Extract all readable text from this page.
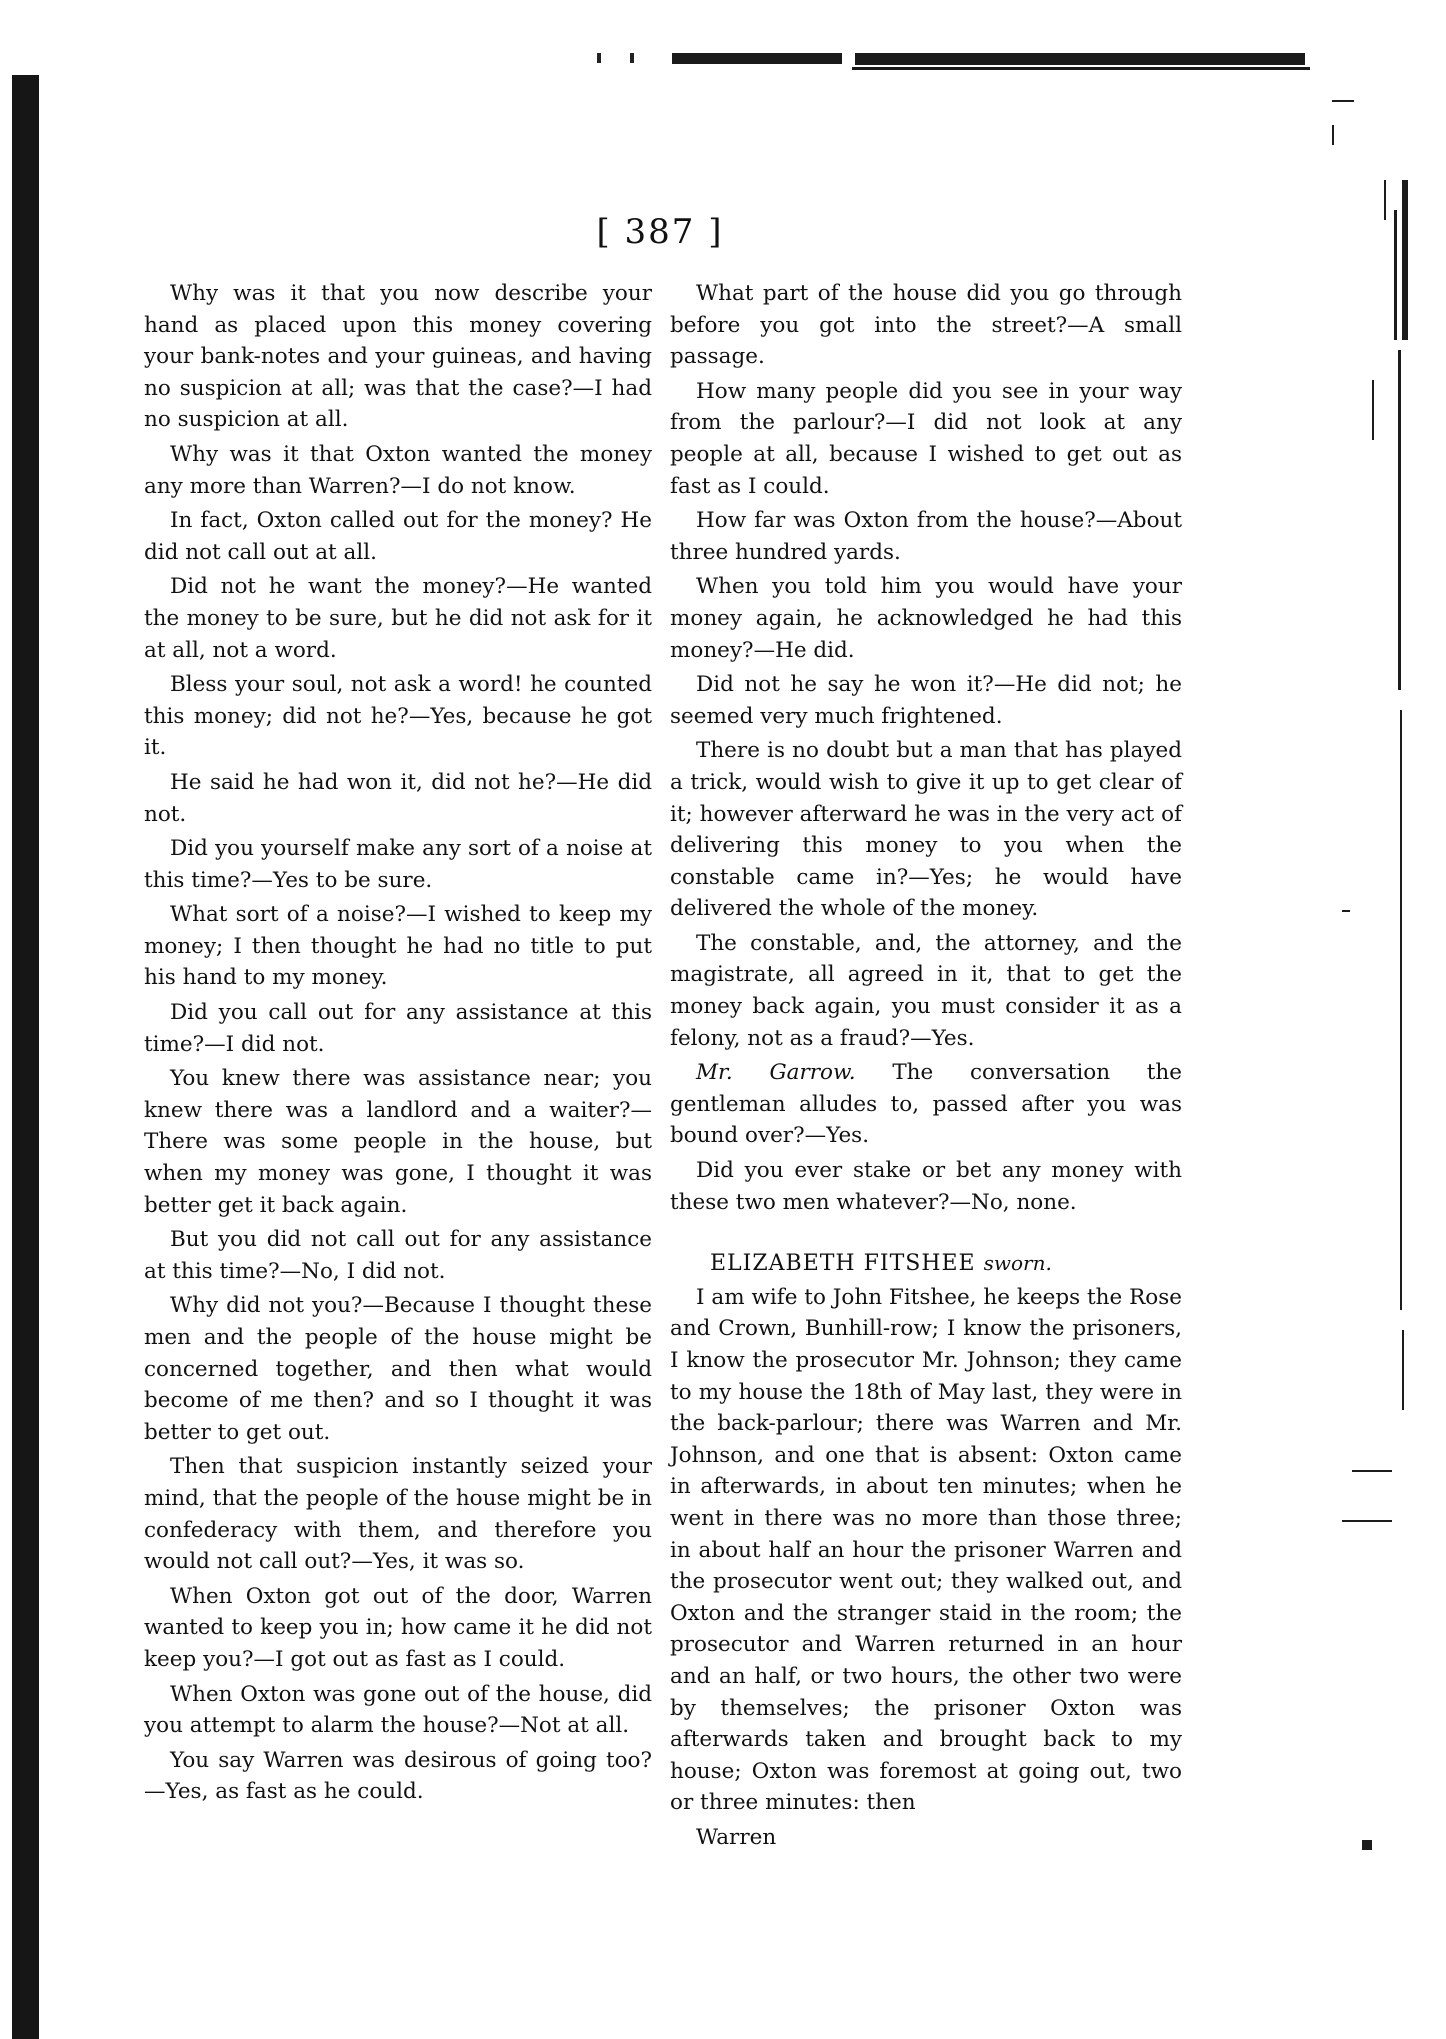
[ 387 ]

Why was it that you now describe your hand as placed upon this money covering your bank-notes and your guineas, and having no suspicion at all; was that the case?—I had no suspicion at all.

Why was it that Oxton wanted the money any more than Warren?—I do not know.

In fact, Oxton called out for the money? He did not call out at all.

Did not he want the money?—He wanted the money to be sure, but he did not ask for it at all, not a word.

Bless your soul, not ask a word! he counted this money; did not he?—Yes, because he got it.

He said he had won it, did not he?—He did not.

Did you yourself make any sort of a noise at this time?—Yes to be sure.

What sort of a noise?—I wished to keep my money; I then thought he had no title to put his hand to my money.

Did you call out for any assistance at this time?—I did not.

You knew there was assistance near; you knew there was a landlord and a waiter?—There was some people in the house, but when my money was gone, I thought it was better get it back again.

But you did not call out for any assistance at this time?—No, I did not.

Why did not you?—Because I thought these men and the people of the house might be concerned together, and then what would become of me then? and so I thought it was better to get out.

Then that suspicion instantly seized your mind, that the people of the house might be in confederacy with them, and therefore you would not call out?—Yes, it was so.

When Oxton got out of the door, Warren wanted to keep you in; how came it he did not keep you?—I got out as fast as I could.

When Oxton was gone out of the house, did you attempt to alarm the house?—Not at all.

You say Warren was desirous of going too?—Yes, as fast as he could.

What part of the house did you go through before you got into the street?—A small passage.

How many people did you see in your way from the parlour?—I did not look at any people at all, because I wished to get out as fast as I could.

How far was Oxton from the house?—About three hundred yards.

When you told him you would have your money again, he acknowledged he had this money?—He did.

Did not he say he won it?—He did not; he seemed very much frightened.

There is no doubt but a man that has played a trick, would wish to give it up to get clear of it; however afterward he was in the very act of delivering this money to you when the constable came in?—Yes; he would have delivered the whole of the money.

The constable, and, the attorney, and the magistrate, all agreed in it, that to get the money back again, you must consider it as a felony, not as a fraud?—Yes.

Mr. Garrow. The conversation the gentleman alludes to, passed after you was bound over?—Yes.

Did you ever stake or bet any money with these two men whatever?—No, none.

ELIZABETH FITSHEE sworn.

I am wife to John Fitshee, he keeps the Rose and Crown, Bunhill-row; I know the prisoners, I know the prosecutor Mr. Johnson; they came to my house the 18th of May last, they were in the back-parlour; there was Warren and Mr. Johnson, and one that is absent: Oxton came in afterwards, in about ten minutes; when he went in there was no more than those three; in about half an hour the prisoner Warren and the prosecutor went out; they walked out, and Oxton and the stranger staid in the room; the prosecutor and Warren returned in an hour and an half, or two hours, the other two were by themselves; the prisoner Oxton was afterwards taken and brought back to my house; Oxton was foremost at going out, two or three minutes: then

Warren
